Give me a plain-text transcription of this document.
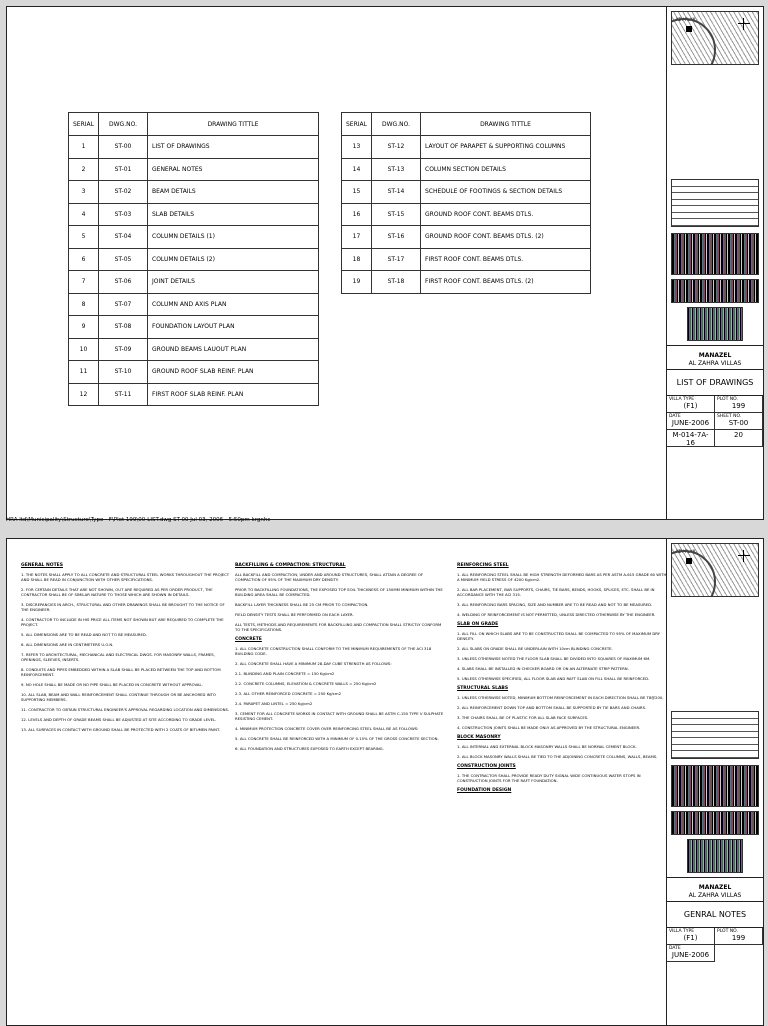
SERIAL	DWG.NO.	DRAWING TITTLE
1	ST-00	LIST OF DRAWINGS
2	ST-01	GENERAL NOTES
3	ST-02	BEAM DETAILS
4	ST-03	SLAB DETAILS
5	ST-04	COLUMN DETAILS (1)
6	ST-05	COLUMN DETAILS (2)
7	ST-06	JOINT DETAILS
8	ST-07	COLUMN AND AXIS PLAN
9	ST-08	FOUNDATION LAYOUT PLAN
10	ST-09	GROUND BEAMS LAUOUT PLAN
11	ST-10	GROUND ROOF SLAB REINF. PLAN
12	ST-11	FIRST ROOF SLAB REINF. PLAN
SERIAL	DWG.NO.	DRAWING TITTLE
13	ST-12	LAYOUT OF PARAPET & SUPPORTING COLUMNS
14	ST-13	COLUMN SECTION DETAILS
15	ST-14	SCHEDULE OF FOOTINGS & SECTION DETAILS
16	ST-15	GROUND ROOF CONT. BEAMS DTLS.
17	ST-16	GROUND ROOF CONT. BEAMS DTLS. (2)
18	ST-17	FIRST ROOF CONT. BEAMS DTLS.
19	ST-18	FIRST ROOF CONT. BEAMS DTLS. (2)
KEY PLAN
MANAZEL
AL ZAHRA VILLAS
LIST OF DRAWINGS
VILLA TYPE
(F1)
PLOT NO.
199
DATE
JUNE-2006
SHEET NO.
ST-00
M-014-7A-16
20
HRA ltd\Municipality\Structure\Type - F\Plot 199\00-LIST.dwg ST-00 Jul 03, 2006 - 5:50pm krgnhc
GENERAL NOTES

1. THE NOTES SHALL APPLY TO ALL CONCRETE AND STRUCTURAL STEEL WORKS THROUGHOUT THE PROJECT AND SHALL BE READ IN CONJUNCTION WITH OTHER SPECIFICATIONS.

2. FOR CERTAIN DETAILS THAT ARE NOT SHOWN, OUT ARE REQUIRED AS PER ORDER PRODUCT, THE CONTRACTOR SHALL BE OF SIMILAR NATURE TO THOSE WHICH ARE SHOWN IN DETAILS.

3. DISCREPANCIES IN ARCH., STRUCTURAL AND OTHER DRAWINGS SHALL BE BROUGHT TO THE NOTICE OF THE ENGINEER.

4. CONTRACTOR TO INCLUDE IN HIS PRICE ALL ITEMS NOT SHOWN BUT ARE REQUIRED TO COMPLETE THE PROJECT.

5. ALL DIMENSIONS ARE TO BE READ AND NOT TO BE MEASURED.

6. ALL DIMENSIONS ARE IN CENTIMETERS U.O.N.

7. REFER TO ARCHITECTURAL, MECHANICAL AND ELECTRICAL DWGS. FOR MASONRY WALLS, FRAMES, OPENINGS, SLEEVES, INSERTS.

8. CONDUITS AND PIPES EMBEDDED WITHIN A SLAB SHALL BE PLACED BETWEEN THE TOP AND BOTTOM REINFORCEMENT.

9. NO HOLE SHALL BE MADE OR NO PIPE SHALL BE PLACED IN CONCRETE WITHOUT APPROVAL.

10. ALL SLAB, BEAM AND WALL REINFORCEMENT SHALL CONTINUE THROUGH OR BE ANCHORED INTO SUPPORTING MEMBERS.

11. CONTRACTOR TO OBTAIN STRUCTURAL ENGINEER'S APPROVAL REGARDING LOCATION AND DIMENSIONS.

12. LEVELS AND DEPTH OF GRADE BEAMS SHALL BE ADJUSTED AT SITE ACCORDING TO GRADE LEVEL.

13. ALL SURFACES IN CONTACT WITH GROUND SHALL BE PROTECTED WITH 2 COATS OF BITUMEN PAINT.

BACKFILLING & COMPACTION: STRUCTURAL

ALL BACKFILL AND COMPACTION, UNDER AND AROUND STRUCTURES, SHALL ATTAIN A DEGREE OF COMPACTION OF 95% OF THE MAXIMUM DRY DENSITY.

PRIOR TO BACKFILLING FOUNDATIONS, THE EXPOSED TOP SOIL THICKNESS OF 150MM MINIMUM WITHIN THE BUILDING AREA SHALL BE COMPACTED.

BACKFILL LAYER THICKNESS SHALL BE 25 CM PRIOR TO COMPACTION.

FIELD DENSITY TESTS SHALL BE PERFORMED ON EACH LAYER.

ALL TESTS, METHODS AND REQUIREMENTS FOR BACKFILLING AND COMPACTION SHALL STRICTLY CONFORM TO THE SPECIFICATIONS.

CONCRETE

1. ALL CONCRETE CONSTRUCTION SHALL CONFORM TO THE MINIMUM REQUIREMENTS OF THE ACI 318 BUILDING CODE.

2. ALL CONCRETE SHALL HAVE A MINIMUM 28-DAY CUBE STRENGTH AS FOLLOWS:

2.1. BLINDING AND PLAIN CONCRETE = 150 Kg/cm2

2.2. CONCRETE COLUMNS, ELEVATION & CONCRETE WALLS = 250 Kg/cm2

2.3. ALL OTHER REINFORCED CONCRETE = 250 Kg/cm2

2.4. PARAPET AND LINTEL = 250 Kg/cm2

3. CEMENT FOR ALL CONCRETE WORKS IN CONTACT WITH GROUND SHALL BE ASTM C-150 TYPE V SULPHATE RESISTING CEMENT.

4. MINIMUM PROTECTION CONCRETE COVER OVER REINFORCING STEEL SHALL BE AS FOLLOWS:

5. ALL CONCRETE SHALL BE REINFORCED WITH A MINIMUM OF 0.15% OF THE GROSS CONCRETE SECTION.

6. ALL FOUNDATION AND STRUCTURES EXPOSED TO EARTH EXCEPT BEARING.

REINFORCING STEEL

1. ALL REINFORCING STEEL SHALL BE HIGH STRENGTH DEFORMED BARS AS PER ASTM A-615 GRADE 60 WITH A MINIMUM YIELD STRESS OF 4200 Kg/cm2.

2. ALL BAR PLACEMENT, BAR SUPPORTS, CHAIRS, TIE BARS, BENDS, HOOKS, SPLICES, ETC. SHALL BE IN ACCORDANCE WITH THE ACI 315.

3. ALL REINFORCING BARS SPACING, SIZE AND NUMBER ARE TO BE READ AND NOT TO BE MEASURED.

4. WELDING OF REINFORCEMENT IS NOT PERMITTED, UNLESS DIRECTED OTHERWISE BY THE ENGINEER.

SLAB ON GRADE

1. ALL FILL ON WHICH SLABS ARE TO BE CONSTRUCTED SHALL BE COMPACTED TO 95% OF MAXIMUM DRY DENSITY.

2. ALL SLABS ON GRADE SHALL BE UNDERLAIN WITH 10cm BLINDING CONCRETE.

3. UNLESS OTHERWISE NOTED THE FLOOR SLAB SHALL BE DIVIDED INTO SQUARES OF MAXIMUM 6M.

4. SLABS SHALL BE INSTALLED IN CHECKER BOARD OR ON AN ALTERNATE STRIP PATTERN.

5. UNLESS OTHERWISE SPECIFIED, ALL FLOOR SLAB AND RAFT SLAB ON FILL SHALL BE REINFORCED.

STRUCTURAL SLABS

1. UNLESS OTHERWISE NOTED, MINIMUM BOTTOM REINFORCEMENT IN EACH DIRECTION SHALL BE T8@200.

2. ALL REINFORCEMENT DOWN TOP AND BOTTOM SHALL BE SUPPORTED BY TIE BARS AND CHAIRS.

3. THE CHAIRS SHALL BE OF PLASTIC FOR ALL SLAB FACE SURFACES.

4. CONSTRUCTION JOINTS SHALL BE MADE ONLY AS APPROVED BY THE STRUCTURAL ENGINEER.

BLOCK MASONRY

1. ALL INTERNAL AND EXTERNAL BLOCK MASONRY WALLS SHALL BE NORMAL CEMENT BLOCK.

2. ALL BLOCK MASONRY WALLS SHALL BE TIED TO THE ADJOINING CONCRETE COLUMNS, WALLS, BEAMS.

CONSTRUCTION JOINTS

1. THE CONTRACTOR SHALL PROVIDE READY DUTY SIGNAL WIDE CONTINUOUS WATER STOPS IN CONSTRUCTION JOINTS FOR THE RAFT FOUNDATION.

FOUNDATION DESIGN
KEY PLAN
MANAZEL
AL ZAHRA VILLAS
GENRAL NOTES
VILLA TYPE
(F1)
PLOT NO.
199
DATE
JUNE-2006
